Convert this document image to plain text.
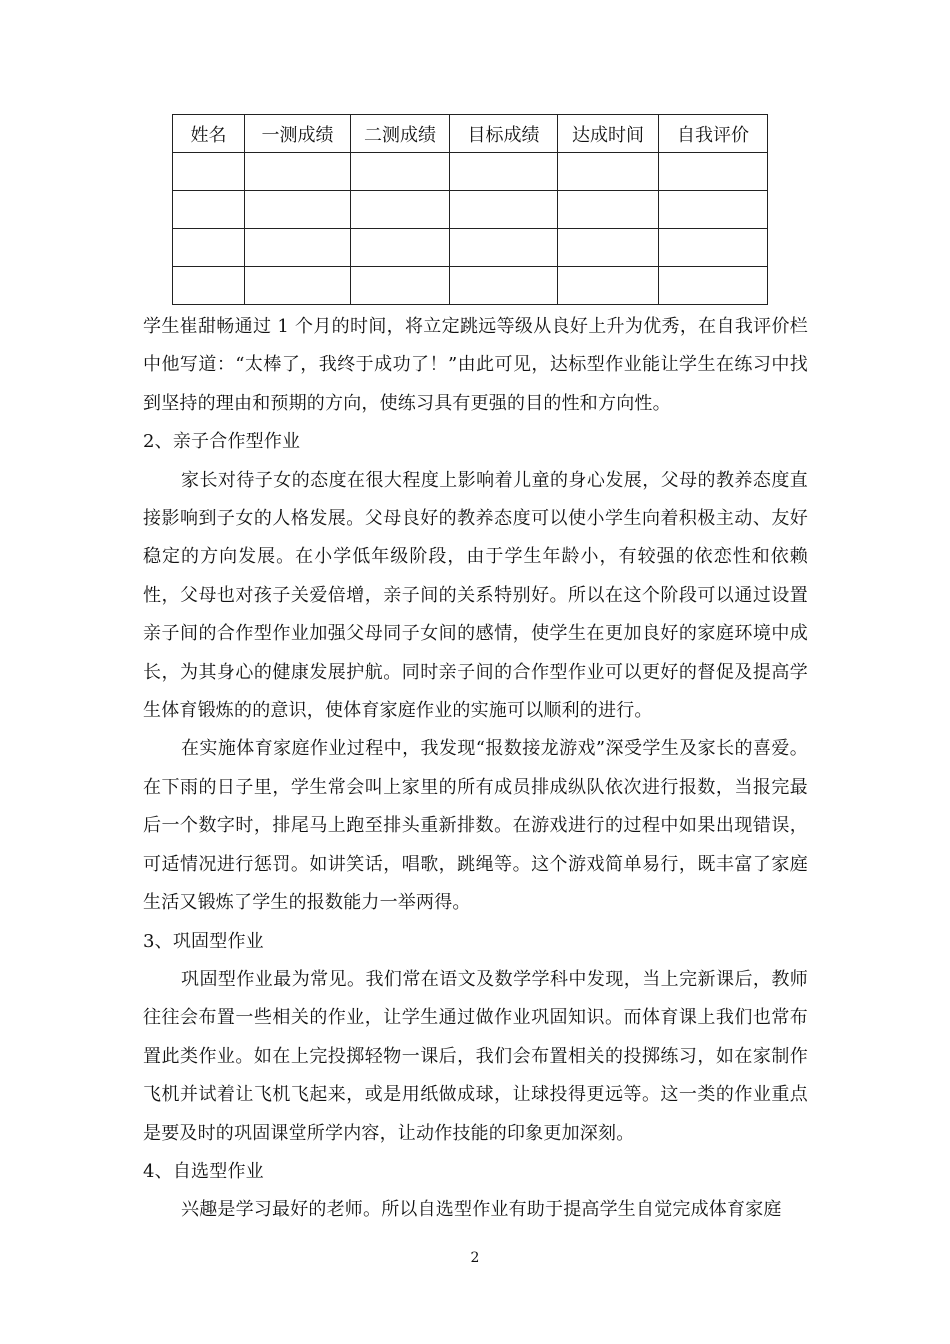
姓名	一测成绩	二测成绩	目标成绩	达成时间	自我评价

学生崔甜畅通过 1 个月的时间，将立定跳远等级从良好上升为优秀，在自我评价栏中他写道：“太棒了，我终于成功了！”由此可见，达标型作业能让学生在练习中找到坚持的理由和预期的方向，使练习具有更强的目的性和方向性。

2、亲子合作型作业

家长对待子女的态度在很大程度上影响着儿童的身心发展，父母的教养态度直接影响到子女的人格发展。父母良好的教养态度可以使小学生向着积极主动、友好稳定的方向发展。在小学低年级阶段，由于学生年龄小，有较强的依恋性和依赖性，父母也对孩子关爱倍增，亲子间的关系特别好。所以在这个阶段可以通过设置亲子间的合作型作业加强父母同子女间的感情，使学生在更加良好的家庭环境中成长，为其身心的健康发展护航。同时亲子间的合作型作业可以更好的督促及提高学生体育锻炼的的意识，使体育家庭作业的实施可以顺利的进行。

在实施体育家庭作业过程中，我发现“报数接龙游戏”深受学生及家长的喜爱。在下雨的日子里，学生常会叫上家里的所有成员排成纵队依次进行报数，当报完最后一个数字时，排尾马上跑至排头重新排数。在游戏进行的过程中如果出现错误，可适情况进行惩罚。如讲笑话，唱歌，跳绳等。这个游戏简单易行，既丰富了家庭生活又锻炼了学生的报数能力一举两得。

3、巩固型作业

巩固型作业最为常见。我们常在语文及数学学科中发现，当上完新课后，教师往往会布置一些相关的作业，让学生通过做作业巩固知识。而体育课上我们也常布置此类作业。如在上完投掷轻物一课后，我们会布置相关的投掷练习，如在家制作飞机并试着让飞机飞起来，或是用纸做成球，让球投得更远等。这一类的作业重点是要及时的巩固课堂所学内容，让动作技能的印象更加深刻。

4、自选型作业

兴趣是学习最好的老师。所以自选型作业有助于提高学生自觉完成体育家庭

2
